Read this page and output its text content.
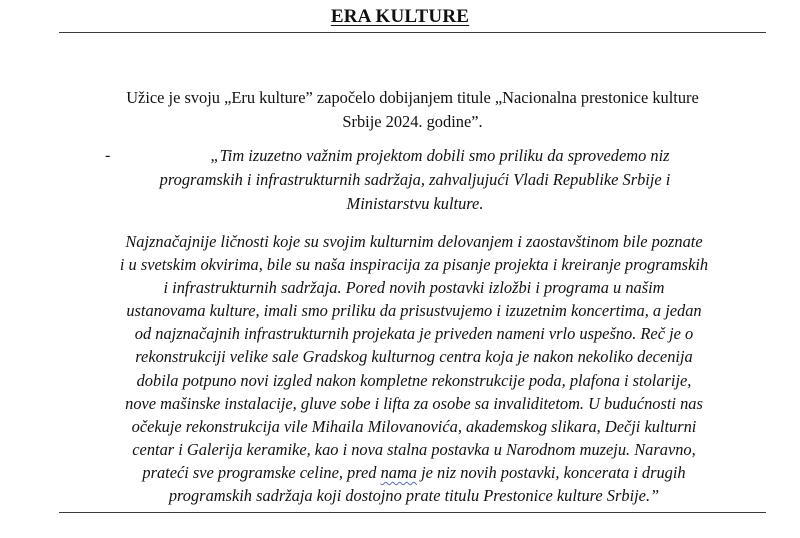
ERA KULTURE
Užice je svoju „Eru kulture” započelo dobijanjem titule „Nacionalna prestonice kulture
Srbije 2024. godine”.
-	„Tim izuzetno važnim projektom dobili smo priliku da sprovedemo niz
programskih i infrastrukturnih sadržaja, zahvaljujući Vladi Republike Srbije i
Ministarstvu kulture.
Najznačajnije ličnosti koje su svojim kulturnim delovanjem i zaostavštinom bile poznate
i u svetskim okvirima, bile su naša inspiracija za pisanje projekta i kreiranje programskih
i infrastrukturnih sadržaja. Pored novih postavki izložbi i programa u našim
ustanovama kulture, imali smo priliku da prisustvujemo i izuzetnim koncertima, a jedan
od najznačajnih infrastrukturnih projekata je priveden nameni vrlo uspešno. Reč je o
rekonstrukciji velike sale Gradskog kulturnog centra koja je nakon nekoliko decenija
dobila potpuno novi izgled nakon kompletne rekonstrukcije poda, plafona i stolarije,
nove mašinske instalacije, gluve sobe i lifta za osobe sa invaliditetom. U budućnosti nas
očekuje rekonstrukcija vile Mihaila Milovanovića, akademskog slikara, Dečji kulturni
centar i Galerija keramike, kao i nova stalna postavka u Narodnom muzeju. Naravno,
prateći sve programske celine, pred nama je niz novih postavki, koncerata i drugih
programskih sadržaja koji dostojno prate titulu Prestonice kulture Srbije.”
